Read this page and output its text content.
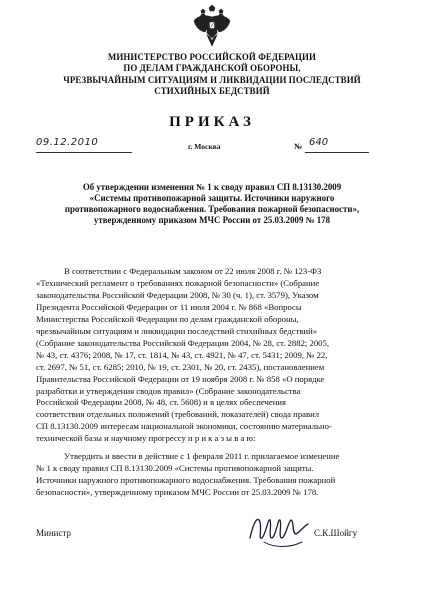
МИНИСТЕРСТВО РОССИЙСКОЙ ФЕДЕРАЦИИ
ПО ДЕЛАМ ГРАЖДАНСКОЙ ОБОРОНЫ,
ЧРЕЗВЫЧАЙНЫМ СИТУАЦИЯМ И ЛИКВИДАЦИИ ПОСЛЕДСТВИЙ
СТИХИЙНЫХ БЕДСТВИЙ
ПРИКАЗ
09.12.2010	г. Москва	№ 640
Об утверждении изменения № 1 к своду правил СП 8.13130.2009
«Системы противопожарной защиты. Источники наружного
противопожарного водоснабжения. Требования пожарной безопасности»,
утвержденному приказом МЧС России от 25.03.2009 № 178
В соответствии с Федеральным законом от 22 июля 2008 г. № 123-ФЗ
«Технический регламент о требованиях пожарной безопасности» (Собрание
законодательства Российской Федерации 2008, № 30 (ч. 1), ст. 3579), Указом
Президента Российской Федерации от 11 июля 2004 г. № 868 «Вопросы
Министерства Российской Федерации по делам гражданской обороны,
чрезвычайным ситуациям и ликвидации последствий стихийных бедствий»
(Собрание законодательства Российской Федерации 2004, № 28, ст. 2882; 2005,
№ 43, ст. 4376; 2008, № 17, ст. 1814, № 43, ст. 4921, № 47, ст. 5431; 2009, № 22,
ст. 2697, № 51, ст. 6285; 2010, № 19, ст. 2301, № 20, ст. 2435), постановлением
Правительства Российской Федерации от 19 ноября 2008 г. № 858 «О порядке
разработки и утверждения сводов правил» (Собрание законодательства
Российской Федерации 2008, № 48, ст. 5608) и в целях обеспечения
соответствия отдельных положений (требований, показателей) свода правил
СП 8.13130.2009 интересам национальной экономики, состоянию материально-
технической базы и научному прогрессу п р и к а з ы в а ю:
Утвердить и ввести в действие с 1 февраля 2011 г. прилагаемое изменение
№ 1 к своду правил СП 8.13130.2009 «Системы противопожарной защиты.
Источники наружного противопожарного водоснабжения. Требования пожарной
безопасности», утвержденному приказом МЧС России от 25.03.2009 № 178.
Министр	С.К.Шойгу
